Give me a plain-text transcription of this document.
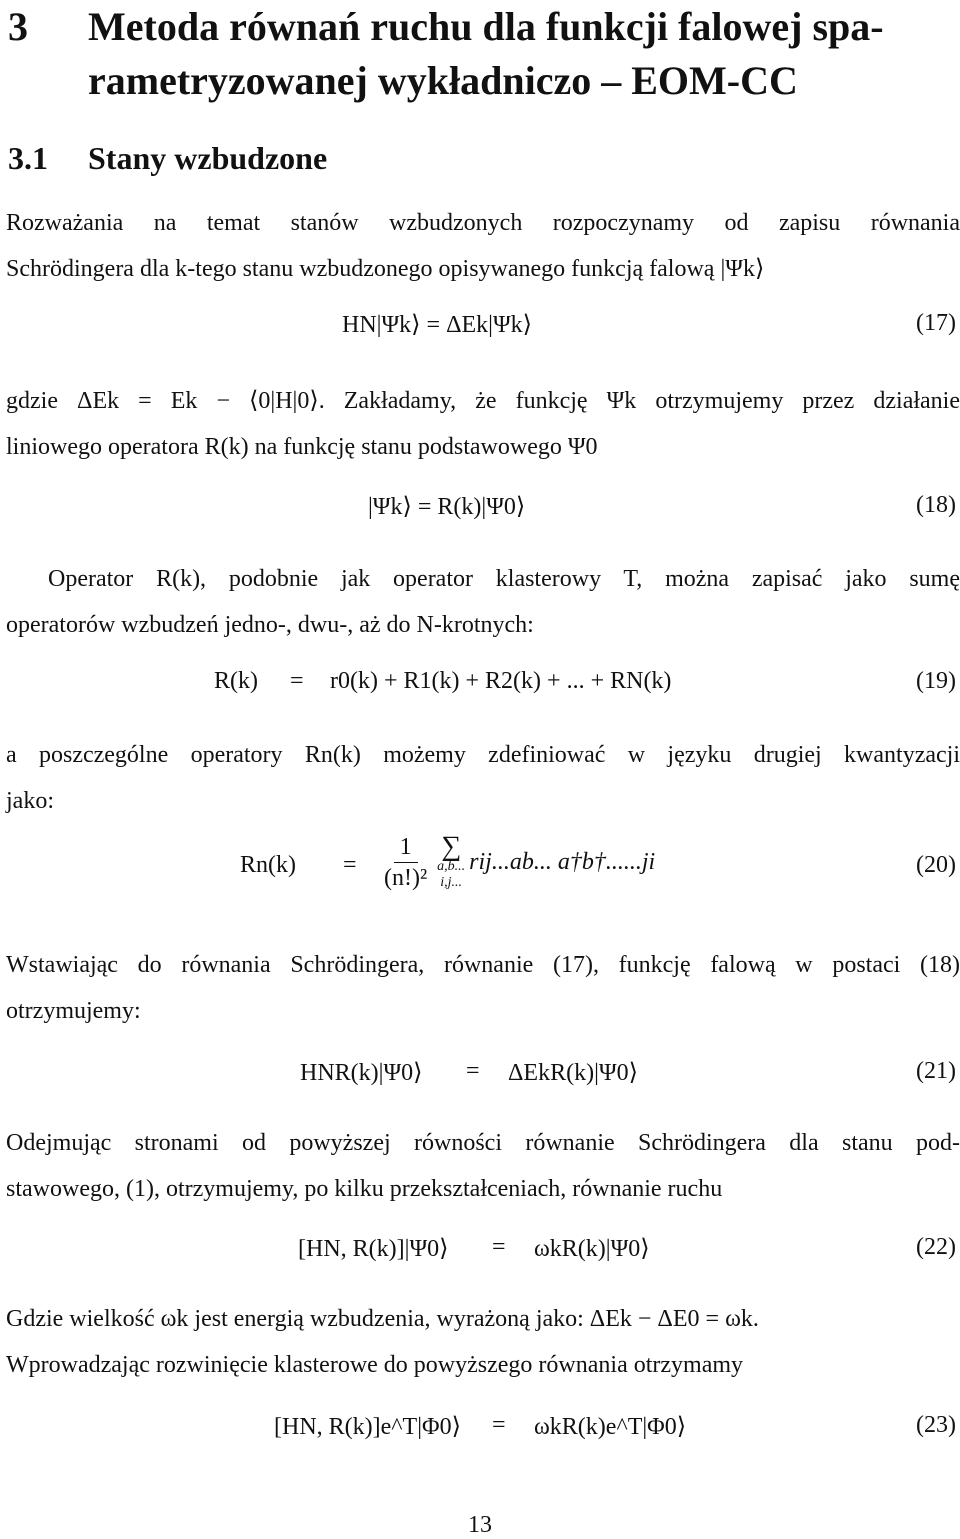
3 Metoda równań ruchu dla funkcji falowej spa-
rametryzowanej wykładniczo – EOM-CC
3.1 Stany wzbudzone
Rozważania na temat stanów wzbudzonych rozpoczynamy od zapisu równania
Schrödingera dla k-tego stanu wzbudzonego opisywanego funkcją falową |Ψk⟩
HN|Ψk⟩ = ΔEk|Ψk⟩	(17)
gdzie ΔEk = Ek − ⟨0|H|0⟩. Zakładamy, że funkcję Ψk otrzymujemy przez działanie
liniowego operatora R(k) na funkcję stanu podstawowego Ψ0
|Ψk⟩ = R(k)|Ψ0⟩	(18)
Operator R(k), podobnie jak operator klasterowy T, można zapisać jako sumę
operatorów wzbudzeń jedno-, dwu-, aż do N-krotnych:
R(k) = r0(k) + R1(k) + R2(k) + ... + RN(k)	(19)
a poszczególne operatory Rn(k) możemy zdefiniować w języku drugiej kwantyzacji
jako:
$Rn(k) = \frac{1}{\text{(n!)²}}$ ∑
a,b...
i,j...
rij...ab... a†b†......ji	(20)
Wstawiając do równania Schrödingera, równanie (17), funkcję falową w postaci (18)
otrzymujemy:
HNR(k)|Ψ0⟩ = ΔEkR(k)|Ψ0⟩	(21)
Odejmując stronami od powyższej równości równanie Schrödingera dla stanu pod-
stawowego, (1), otrzymujemy, po kilku przekształceniach, równanie ruchu
[HN, R(k)]|Ψ0⟩ = ωkR(k)|Ψ0⟩	(22)
Gdzie wielkość ωk jest energią wzbudzenia, wyrażoną jako: ΔEk − ΔE0 = ωk.
Wprowadzając rozwinięcie klasterowe do powyższego równania otrzymamy
[HN, R(k)]e^T|Φ0⟩ = ωkR(k)e^T|Φ0⟩	(23)
13
